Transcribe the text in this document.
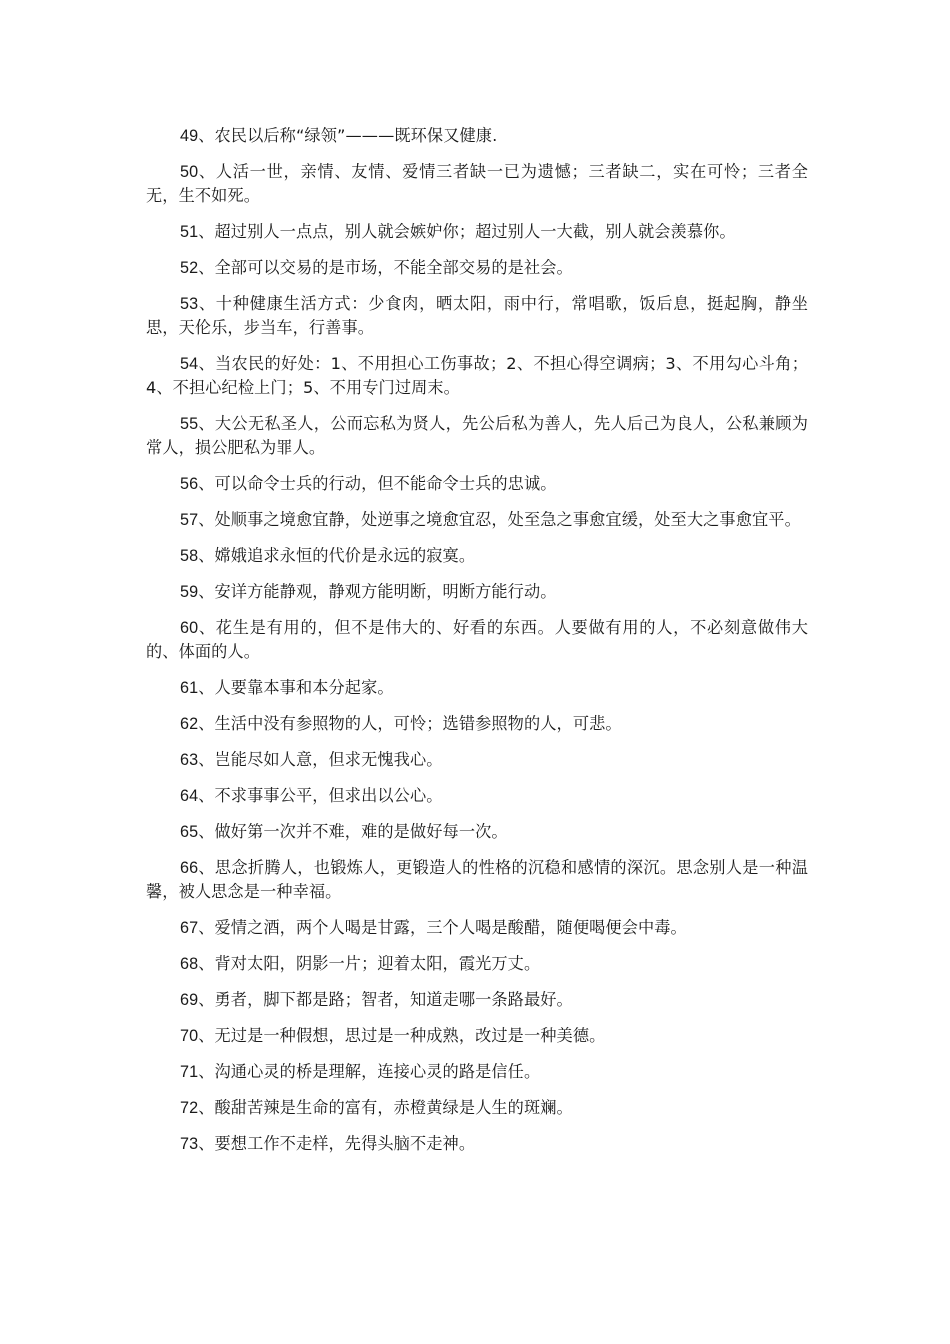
49、农民以后称“绿领”———既环保又健康.

50、人活一世，亲情、友情、爱情三者缺一已为遗憾；三者缺二，实在可怜；三者全无，生不如死。

51、超过别人一点点，别人就会嫉妒你；超过别人一大截，别人就会羡慕你。

52、全部可以交易的是市场，不能全部交易的是社会。

53、十种健康生活方式：少食肉，晒太阳，雨中行，常唱歌，饭后息，挺起胸，静坐思，天伦乐，步当车，行善事。

54、当农民的好处：1、不用担心工伤事故；2、不担心得空调病；3、不用勾心斗角；4、不担心纪检上门；5、不用专门过周末。

55、大公无私圣人，公而忘私为贤人，先公后私为善人，先人后己为良人，公私兼顾为常人，损公肥私为罪人。

56、可以命令士兵的行动，但不能命令士兵的忠诚。

57、处顺事之境愈宜静，处逆事之境愈宜忍，处至急之事愈宜缓，处至大之事愈宜平。

58、嫦娥追求永恒的代价是永远的寂寞。

59、安详方能静观，静观方能明断，明断方能行动。

60、花生是有用的，但不是伟大的、好看的东西。人要做有用的人，不必刻意做伟大的、体面的人。

61、人要靠本事和本分起家。

62、生活中没有参照物的人，可怜；选错参照物的人，可悲。

63、岂能尽如人意，但求无愧我心。

64、不求事事公平，但求出以公心。

65、做好第一次并不难，难的是做好每一次。

66、思念折腾人，也锻炼人，更锻造人的性格的沉稳和感情的深沉。思念别人是一种温馨，被人思念是一种幸福。

67、爱情之酒，两个人喝是甘露，三个人喝是酸醋，随便喝便会中毒。

68、背对太阳，阴影一片；迎着太阳，霞光万丈。

69、勇者，脚下都是路；智者，知道走哪一条路最好。

70、无过是一种假想，思过是一种成熟，改过是一种美德。

71、沟通心灵的桥是理解，连接心灵的路是信任。

72、酸甜苦辣是生命的富有，赤橙黄绿是人生的斑斓。

73、要想工作不走样，先得头脑不走神。
